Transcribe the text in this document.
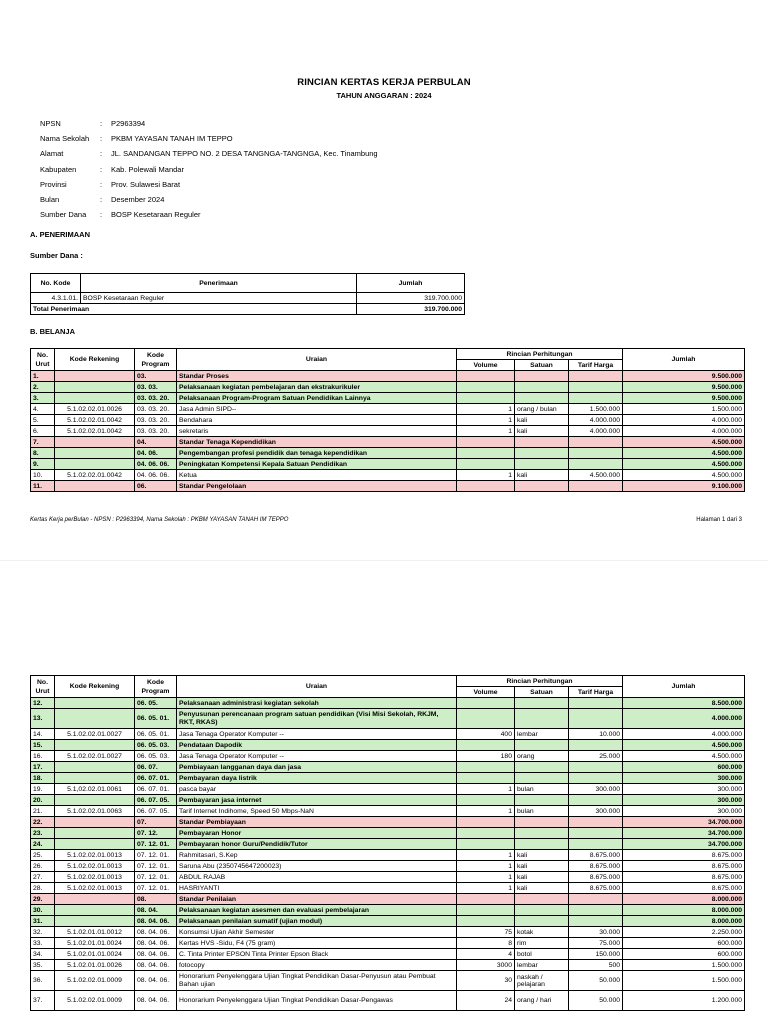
RINCIAN KERTAS KERJA PERBULAN
TAHUN ANGGARAN : 2024
NPSN	:	P2963394
Nama Sekolah	:	PKBM YAYASAN TANAH IM TEPPO
Alamat	:	JL. SANDANGAN TEPPO NO. 2 DESA TANGNGA-TANGNGA, Kec. Tinambung
Kabupaten	:	Kab. Polewali Mandar
Provinsi	:	Prov. Sulawesi Barat
Bulan	:	Desember 2024
Sumber Dana	:	BOSP Kesetaraan Reguler
A. PENERIMAAN
Sumber Dana :
No. Kode	Penerimaan	Jumlah
4.3.1.01.	BOSP Kesetaraan Reguler	319.700.000
Total Penerimaan		319.700.000
B. BELANJA
No. Urut	Kode Rekening	Kode Program	Uraian	Rincian Perhitungan			Jumlah
				Volume	Satuan	Tarif Harga	
1.		03.	Standar Proses				9.500.000
2.		03. 03.	Pelaksanaan kegiatan pembelajaran dan ekstrakurikuler				9.500.000
3.		03. 03. 20.	Pelaksanaan Program-Program Satuan Pendidikan Lainnya				9.500.000
4.	5.1.02.02.01.0026	03. 03. 20.	Jasa Admin SIPD--	1	orang / bulan	1.500.000	1.500.000
5.	5.1.02.02.01.0042	03. 03. 20.	Bendahara	1	kali	4.000.000	4.000.000
6.	5.1.02.02.01.0042	03. 03. 20.	sekretaris	1	kali	4.000.000	4.000.000
7.		04.	Standar Tenaga Kependidikan				4.500.000
8.		04. 06.	Pengembangan profesi pendidik dan tenaga kependidikan				4.500.000
9.		04. 06. 06.	Peningkatan Kompetensi Kepala Satuan Pendidikan				4.500.000
10.	5.1.02.02.01.0042	04. 06. 06.	Ketua	1	kali	4.500.000	4.500.000
11.		06.	Standar Pengelolaan				9.100.000
Kertas Kerja perBulan - NPSN : P2963394, Nama Sekolah : PKBM YAYASAN TANAH IM TEPPO	Halaman 1 dari 3
No. Urut	Kode Rekening	Kode Program	Uraian	Rincian Perhitungan			Jumlah
				Volume	Satuan	Tarif Harga	
12.		06. 05.	Pelaksanaan administrasi kegiatan sekolah				8.500.000
13.		06. 05. 01.	Penyusunan perencanaan program satuan pendidikan (Visi Misi Sekolah, RKJM, RKT, RKAS)				4.000.000
14.	5.1.02.02.01.0027	06. 05. 01.	Jasa Tenaga Operator Komputer --	400	lembar	10.000	4.000.000
15.		06. 05. 03.	Pendataan Dapodik				4.500.000
16.	5.1.02.02.01.0027	06. 05. 03.	Jasa Tenaga Operator Komputer --	180	orang	25.000	4.500.000
17.		06. 07.	Pembiayaan langganan daya dan jasa				600.000
18.		06. 07. 01.	Pembayaran daya listrik				300.000
19.	5.1,02.02.01.0061	06. 07. 01.	pasca bayar	1	bulan	300.000	300.000
20.		06. 07. 05.	Pembayaran jasa internet				300.000
21.	5.1.02.02.01.0063	06. 07. 05.	Tarif Internet Indihome, Speed 50 Mbps-NaN	1	bulan	300.000	300.000
22.		07.	Standar Pembiayaan				34.700.000
23.		07. 12.	Pembayaran Honor				34.700.000
24.		07. 12. 01.	Pembayaran honor Guru/Pendidik/Tutor				34.700.000
25.	5.1.02.02.01.0013	07. 12. 01.	Rahmitasari, S.Kep	1	kali	8.675.000	8.675.000
26.	5.1.02.02.01.0013	07. 12. 01.	Saruna Abu (2350745647200023)	1	kali	8.675.000	8.675.000
27.	5.1.02.02.01.0013	07. 12. 01.	ABDUL RAJAB	1	kali	8.675.000	8.675.000
28.	5.1.02.02.01.0013	07. 12. 01.	HASRIYANTI	1	kali	8.675.000	8.675.000
29.		08.	Standar Penilaian				8.000.000
30.		08. 04.	Pelaksanaan kegiatan asesmen dan evaluasi pembelajaran				8.000.000
31.		08. 04. 06.	Pelaksanaan penilaian sumatif (ujian modul)				8.000.000
32.	5.1.02.01.01.0012	08. 04. 06.	Konsumsi Ujian Akhir Semester	75	kotak	30.000	2.250.000
33.	5.1.02.01.01.0024	08. 04. 06.	Kertas HVS -Sidu, F4 (75 gram)	8	rim	75.000	600.000
34.	5.1.02.01.01.0024	08. 04. 06.	C. Tinta Printer EPSON Tinta Printer Epson Black	4	botol	150.000	600.000
35.	5.1.02.01.01.0026	08. 04. 06.	fotocopy	3000	lembar	500	1.500.000
36.	5.1.02.02.01.0009	08. 04. 06.	Honorarium Penyelenggara Ujian Tingkat Pendidikan Dasar-Penyusun atau Pembuat Bahan ujian	30	naskah / pelajaran	50.000	1.500.000
37.	5.1.02.02.01.0009	08. 04. 06.	Honorarium Penyelenggara Ujian Tingkat Pendidikan Dasar-Pengawas	24	orang / hari	50.000	1.200.000
